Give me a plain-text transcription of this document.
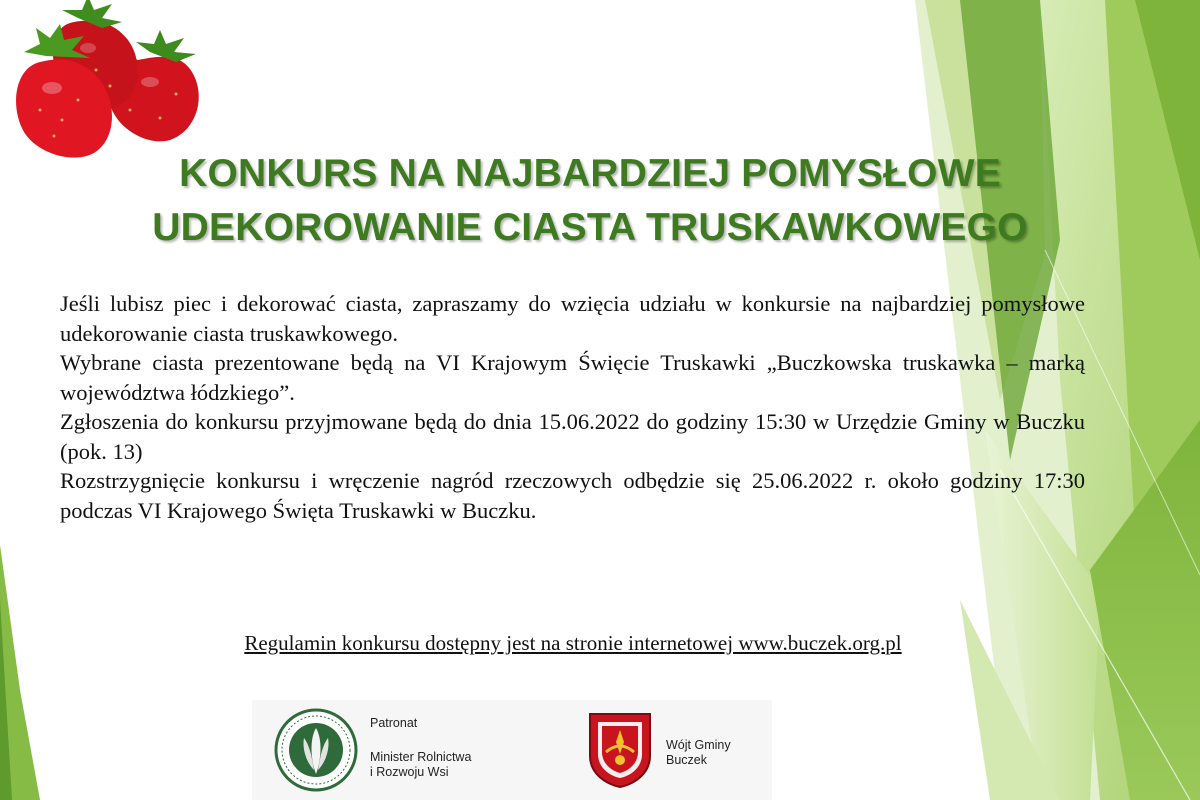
KONKURS NA NAJBARDZIEJ POMYSŁOWE
UDEKOROWANIE CIASTA TRUSKAWKOWEGO

Jeśli lubisz piec i dekorować ciasta, zapraszamy do wzięcia udziału w konkursie na najbardziej pomysłowe udekorowanie ciasta truskawkowego.

Wybrane ciasta prezentowane będą na VI Krajowym Święcie Truskawki „Buczkowska truskawka – marką województwa łódzkiego”.

Zgłoszenia do konkursu przyjmowane będą do dnia 15.06.2022 do godziny 15:30 w Urzędzie Gminy w Buczku (pok. 13)

Rozstrzygnięcie konkursu i wręczenie nagród rzeczowych odbędzie się 25.06.2022 r. około godziny 17:30 podczas VI Krajowego Święta Truskawki w Buczku.

Regulamin konkursu dostępny jest na stronie internetowej www.buczek.org.pl
Patronat
Minister Rolnictwa
i Rozwoju Wsi
Wójt Gminy
Buczek
